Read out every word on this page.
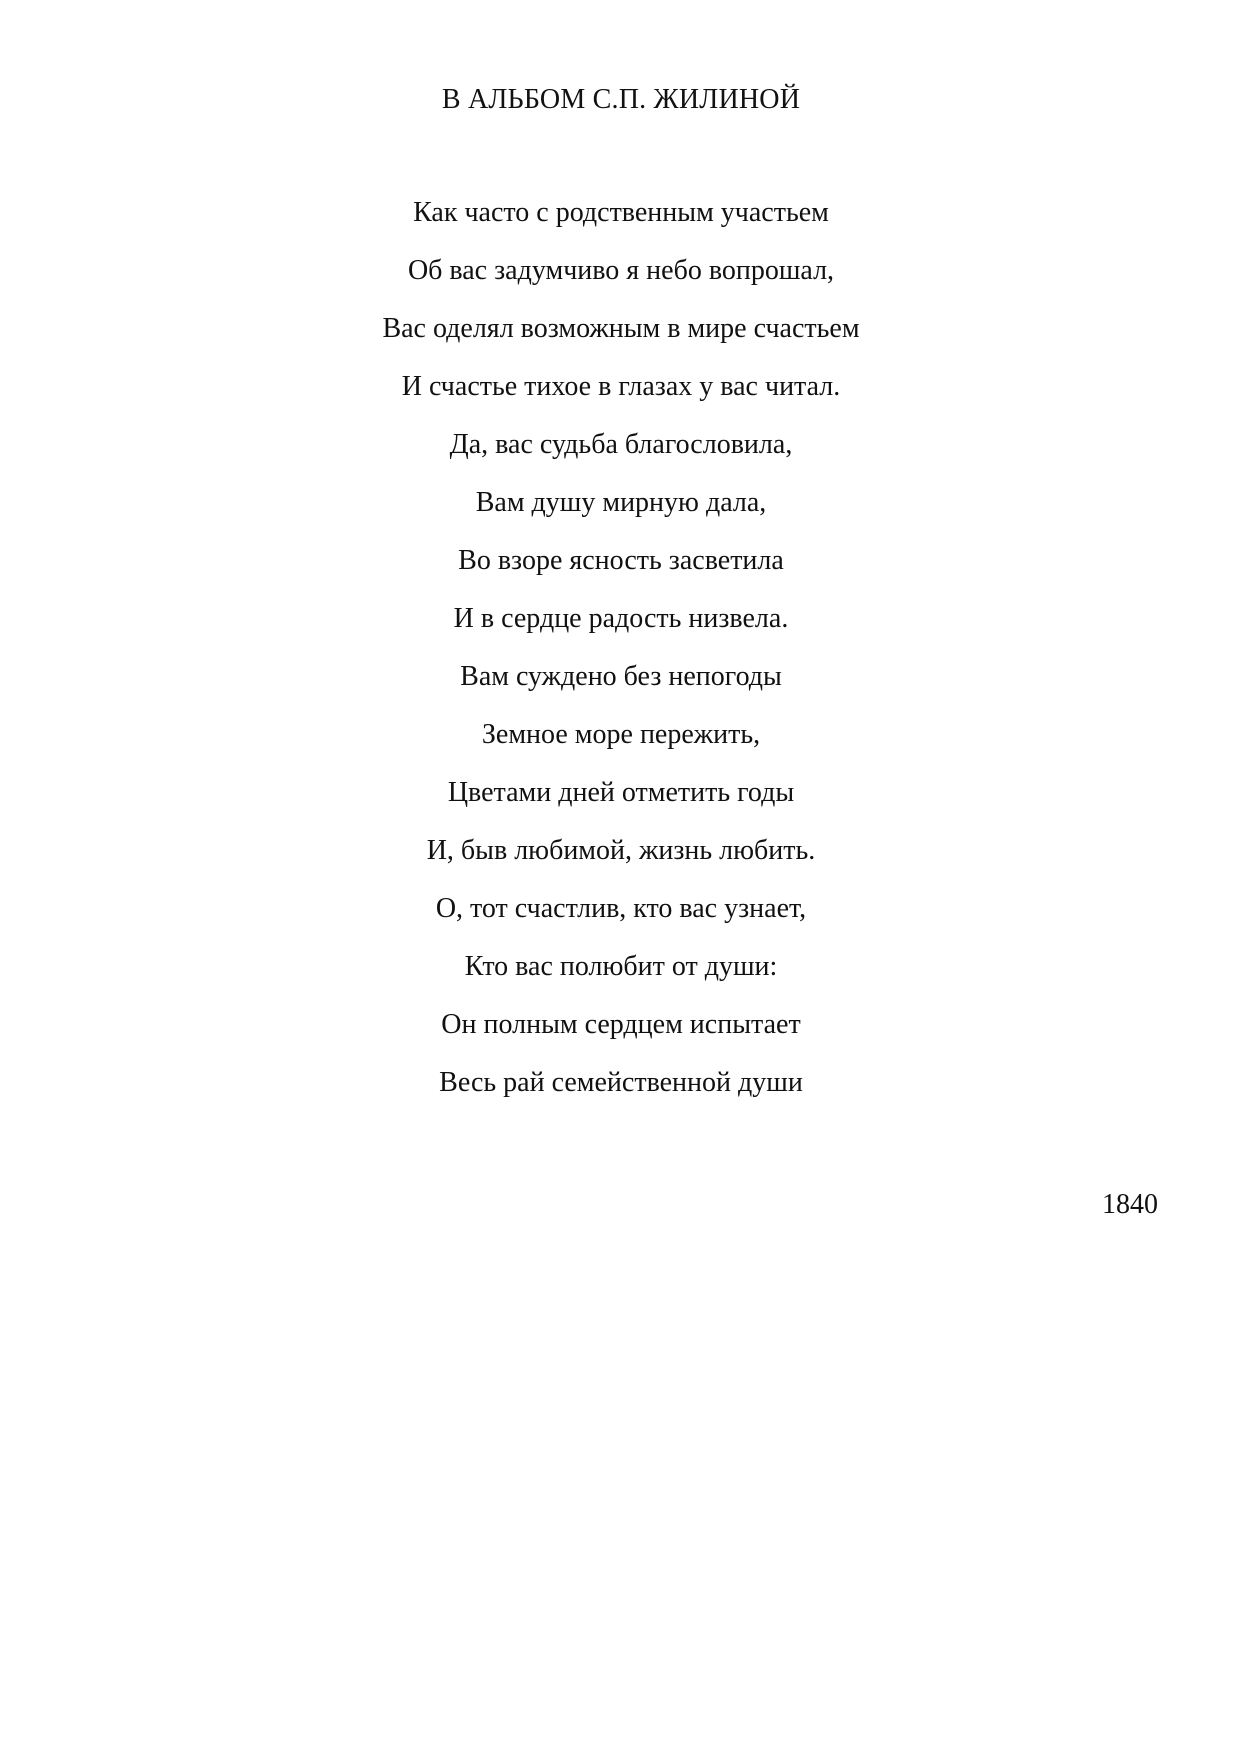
В АЛЬБОМ С.П. ЖИЛИНОЙ
Как часто с родственным участьем
Об вас задумчиво я небо вопрошал,
Вас оделял возможным в мире счастьем
И счастье тихое в глазах у вас читал.
Да, вас судьба благословила,
Вам душу мирную дала,
Во взоре ясность засветила
И в сердце радость низвела.
Вам суждено без непогоды
Земное море пережить,
Цветами дней отметить годы
И, быв любимой, жизнь любить.
О, тот счастлив, кто вас узнает,
Кто вас полюбит от души:
Он полным сердцем испытает
Весь рай семейственной души
1840
